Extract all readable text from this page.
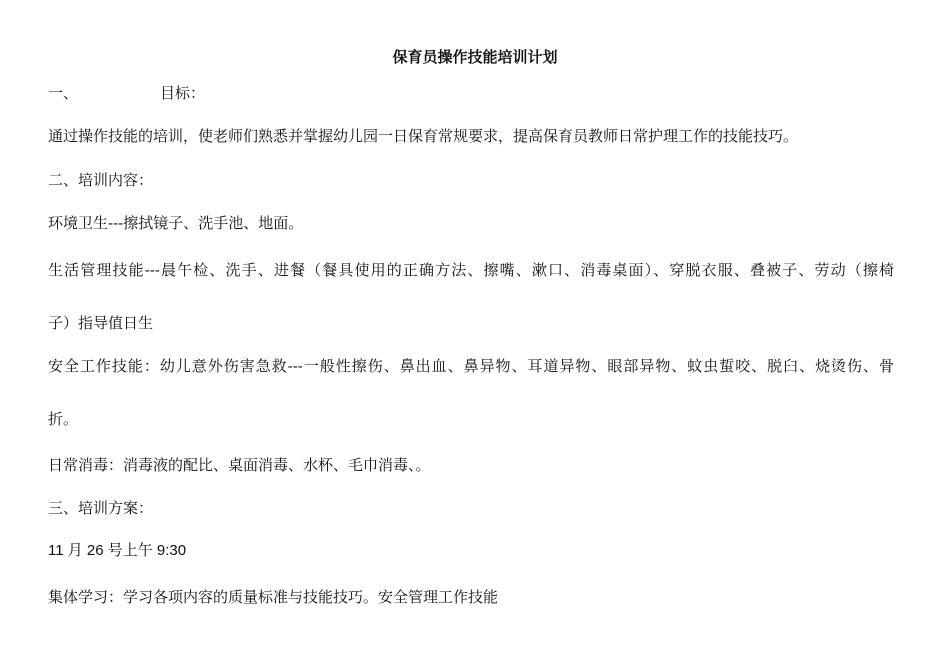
保育员操作技能培训计划
一、	目标：
通过操作技能的培训，使老师们熟悉并掌握幼儿园一日保育常规要求，提高保育员教师日常护理工作的技能技巧。
二、培训内容：
环境卫生---擦拭镜子、洗手池、地面。
生活管理技能---晨午检、洗手、进餐（餐具使用的正确方法、擦嘴、漱口、消毒桌面）、穿脱衣服、叠被子、劳动（擦椅
子）指导值日生
安全工作技能：幼儿意外伤害急救---一般性擦伤、鼻出血、鼻异物、耳道异物、眼部异物、蚊虫蜇咬、脱臼、烧烫伤、骨
折。
日常消毒：消毒液的配比、桌面消毒、水杯、毛巾消毒、。
三、培训方案：
11 月 26 号上午 9:30
集体学习：学习各项内容的质量标准与技能技巧。安全管理工作技能
